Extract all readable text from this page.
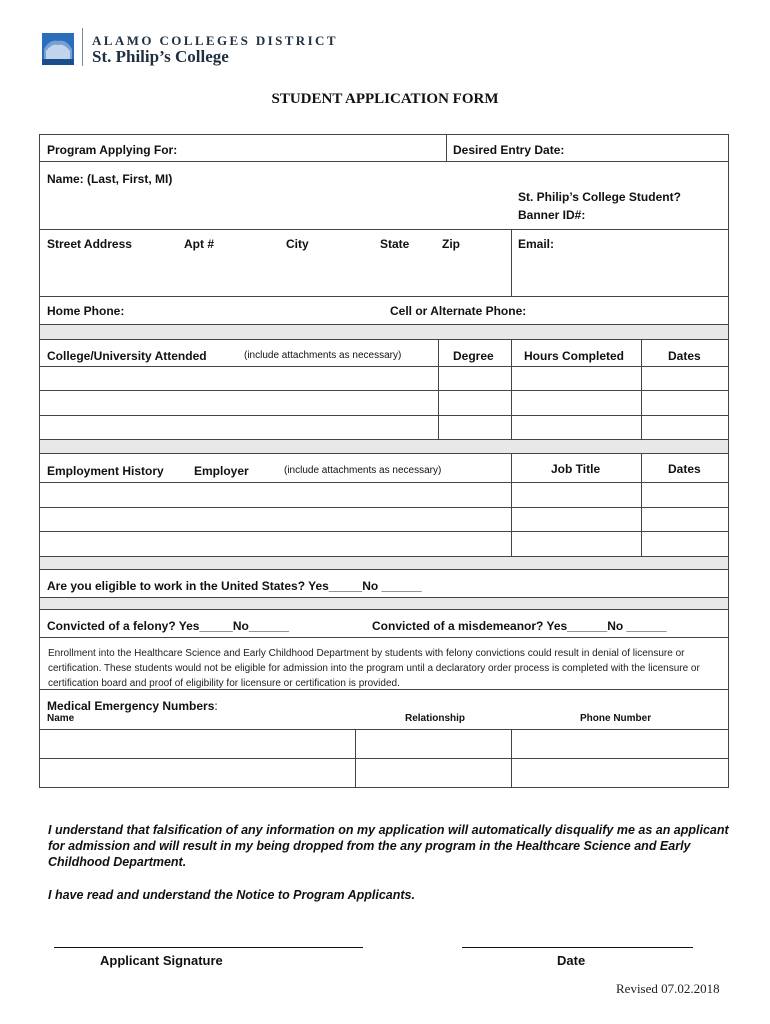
ALAMO COLLEGES DISTRICT
St. Philip’s College
STUDENT APPLICATION FORM
Program Applying For:	Desired Entry Date:
Name: (Last, First, MI)
St. Philip’s College Student?
Banner ID#:
Street Address	Apt #	City	State	Zip	Email:
Home Phone:	Cell or Alternate Phone:
College/University Attended	(include attachments as necessary)	Degree	Hours Completed	Dates
Employment History	Employer	(include attachments as necessary)	Job Title	Dates
Are you eligible to work in the United States? Yes_____No ______
Convicted of a felony? Yes_____No______	Convicted of a misdemeanor? Yes______No ______
Enrollment into the Healthcare Science and Early Childhood Department by students with felony convictions could result in denial of licensure or certification. These students would not be eligible for admission into the program until a declaratory order process is completed with the licensure or certification board and proof of eligibility for licensure or certification is provided.
Medical Emergency Numbers:
Name	Relationship	Phone Number
I understand that falsification of any information on my application will automatically disqualify me as an applicant for admission and will result in my being dropped from the any program in the Healthcare Science and Early Childhood Department.
I have read and understand the Notice to Program Applicants.
Applicant Signature	Date
Revised 07.02.2018
